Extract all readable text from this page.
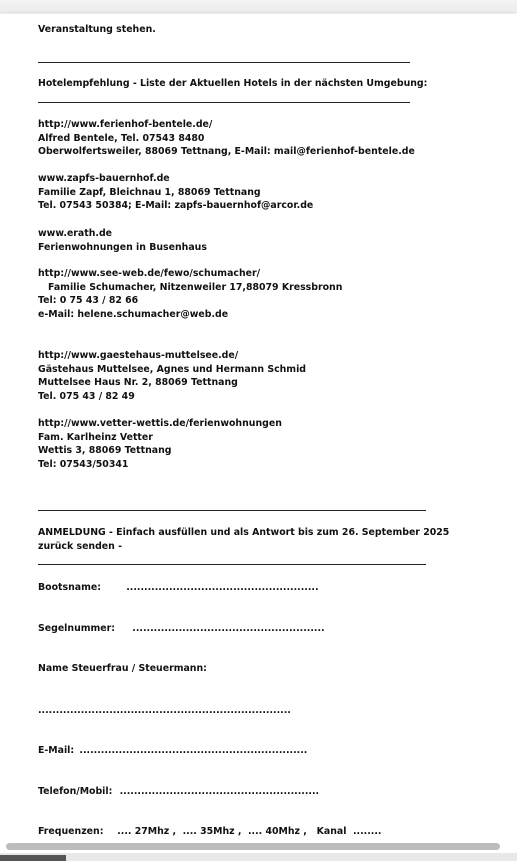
Veranstaltung stehen.
Hotelempfehlung - Liste der Aktuellen Hotels in der nächsten Umgebung:
http://www.ferienhof-bentele.de/
Alfred Bentele, Tel. 07543 8480
Oberwolfertsweiler, 88069 Tettnang, E-Mail: mail@ferienhof-bentele.de
www.zapfs-bauernhof.de
Familie Zapf, Bleichnau 1, 88069 Tettnang
Tel. 07543 50384; E-Mail: zapfs-bauernhof@arcor.de
www.erath.de
Ferienwohnungen in Busenhaus
http://www.see-web.de/fewo/schumacher/
Familie Schumacher, Nitzenweiler 17,88079 Kressbronn
Tel: 0 75 43 / 82 66
e-Mail: helene.schumacher@web.de
http://www.gaestehaus-muttelsee.de/
Gästehaus Muttelsee, Agnes und Hermann Schmid
Muttelsee Haus Nr. 2, 88069 Tettnang
Tel. 075 43 / 82 49
http://www.vetter-wettis.de/ferienwohnungen
Fam. Karlheinz Vetter
Wettis 3, 88069 Tettnang
Tel: 07543/50341
ANMELDUNG - Einfach ausfüllen und als Antwort bis zum 26. September 2025
zurück senden -
Bootsname:	......................................................
Segelnummer: ......................................................
Name Steuerfrau / Steuermann:
.......................................................................
E-Mail: ................................................................
Telefon/Mobil: ........................................................
Frequenzen:   .... 27Mhz ,  .... 35Mhz ,  .... 40Mhz ,   Kanal  ........
